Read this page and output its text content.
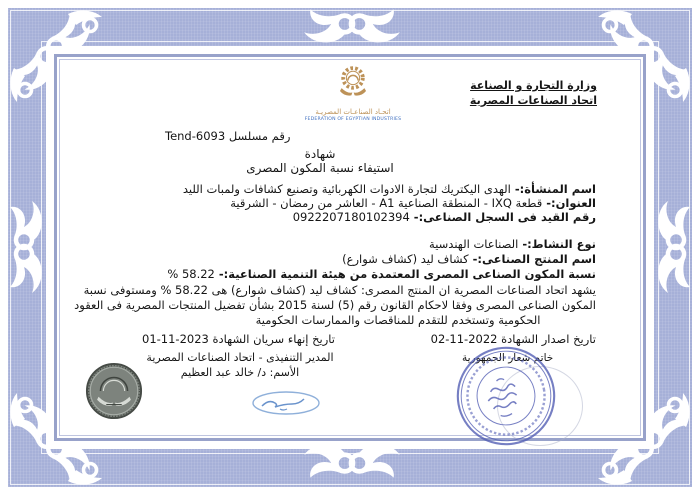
وزارة التجارة و الصناعة
اتحاد الصناعات المصرية
اتحـاد الصناعـات المصريـة
FEDERATION OF EGYPTIAN INDUSTRIES
رقم مسلسل Tend-6093
شهادة
استيفاء نسبة المكون المصرى
اسم المنشأة:-الهدى اليكتريك لتجارة الادوات الكهربائية وتصنيع كشافات ولمبات الليد
العنوان:-قطعة IXQ - المنطقة الصناعية A1 - العاشر من رمضان - الشرقية
رقم القيد فى السجل الصناعى:-0922207180102394
نوع النشاط:-الصناعات الهندسية
اسم المنتج الصناعى:-كشاف ليد (كشاف شوارع)
نسبة المكون الصناعى المصرى المعتمدة من هيئة التنمية الصناعية:-58.22 %
يشهد اتحاد الصناعات المصرية ان المنتج المصرى: كشاف ليد (كشاف شوارع) هى 58.22 % ومستوفى نسبة
المكون الصناعى المصرى وفقا لاحكام القانون رقم (5) لسنة 2015 بشأن تفضيل المنتجات المصرية فى العقود
الحكومية وتستخدم للتقدم للمناقصات والممارسات الحكومية
تاريخ اصدار الشهادة 02-11-2022
تاريخ إنهاء سريان الشهادة 01-11-2023
خاتم شعار الجمهورية
المدير التنفيذى - اتحاد الصناعات المصرية
الأسم: د/ خالد عبد العظيم
